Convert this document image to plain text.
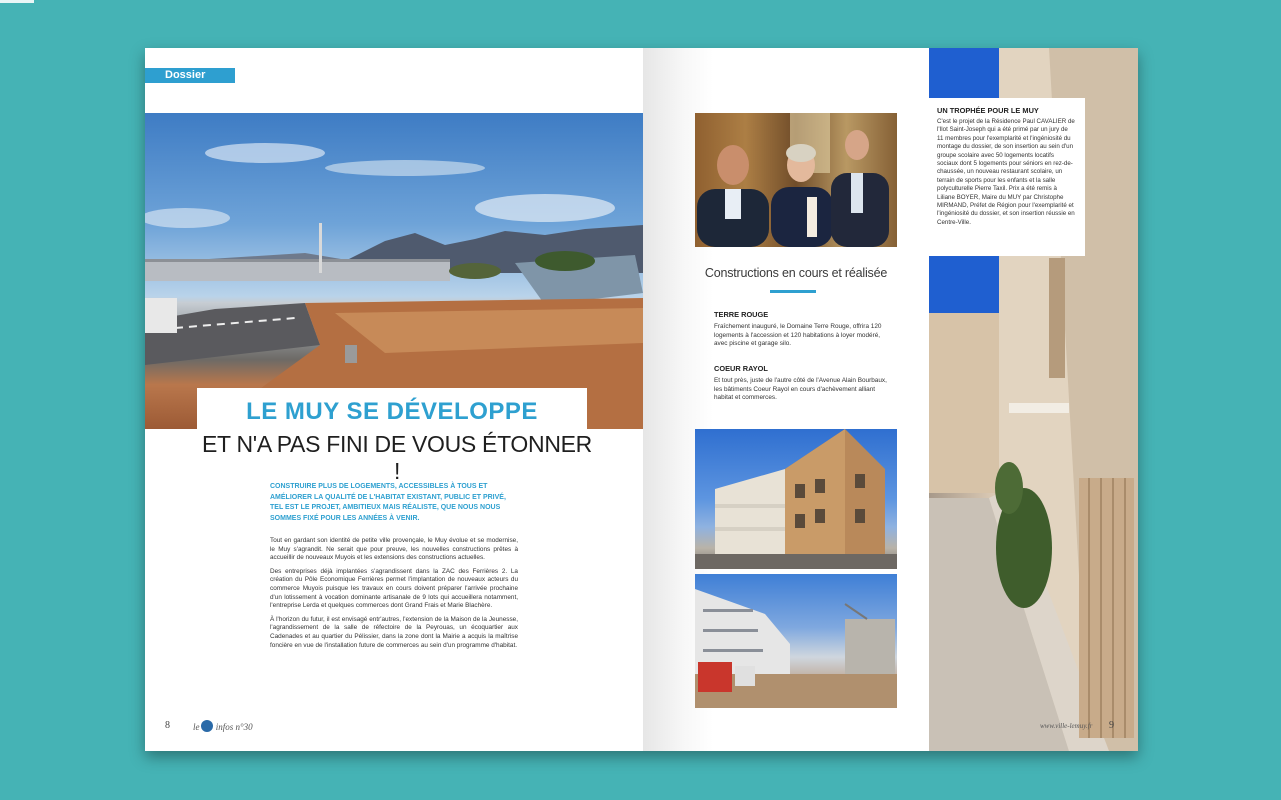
Dossier
LE MUY SE DÉVELOPPE
ET N'A PAS FINI DE VOUS ÉTONNER !
CONSTRUIRE PLUS DE LOGEMENTS, ACCESSIBLES À TOUS ET AMÉLIORER LA QUALITÉ DE L'HABITAT EXISTANT, PUBLIC ET PRIVÉ, TEL EST LE PROJET, AMBITIEUX MAIS RÉALISTE, QUE NOUS NOUS SOMMES FIXÉ POUR LES ANNÉES À VENIR.

Tout en gardant son identité de petite ville provençale, le Muy évolue et se modernise, le Muy s'agrandit. Ne serait que pour preuve, les nouvelles constructions prêtes à accueillir de nouveaux Muyois et les extensions des constructions actuelles.

Des entreprises déjà implantées s'agrandissent dans la ZAC des Ferrières 2. La création du Pôle Economique Ferrières permet l'implantation de nouveaux acteurs du commerce Muyois puisque les travaux en cours doivent préparer l'arrivée prochaine d'un lotissement à vocation dominante artisanale de 9 lots qui accueillera notamment, l'entreprise Lerda et quelques commerces dont Grand Frais et Marie Blachère.

À l'horizon du futur, il est envisagé entr'autres, l'extension de la Maison de la Jeunesse, l'agrandissement de la salle de réfectoire de la Peyrouas, un écoquartier aux Cadenades et au quartier du Pélissier, dans la zone dont la Mairie a acquis la maîtrise foncière en vue de l'installation future de commerces au sein d'un programme d'habitat.

8	le infos n°30
Constructions en cours et réalisée
TERRE ROUGE
Fraîchement inauguré, le Domaine Terre Rouge, offrira 120 logements à l'accession et 120 habitations à loyer modéré, avec piscine et garage silo.
COEUR RAYOL
Et tout près, juste de l'autre côté de l'Avenue Alain Bourbaux, les bâtiments Coeur Rayol en cours d'achèvement alliant habitat et commerces.
UN TROPHÉE POUR LE MUY
C'est le projet de la Résidence Paul CAVALIER de l'Ilot Saint-Joseph qui a été primé par un jury de 11 membres pour l'exemplarité et l'ingéniosité du montage du dossier, de son insertion au sein d'un groupe scolaire avec 50 logements locatifs sociaux dont 5 logements pour séniors en rez-de-chaussée, un nouveau restaurant scolaire, un terrain de sports pour les enfants et la salle polyculturelle Pierre Taxil. Prix a été remis à Liliane BOYER, Maire du MUY par Christophe MIRMAND, Préfet de Région pour l'exemplarité et l'ingéniosité du dossier, et son insertion réussie en Centre-Ville.
www.ville-lemuy.fr 9
